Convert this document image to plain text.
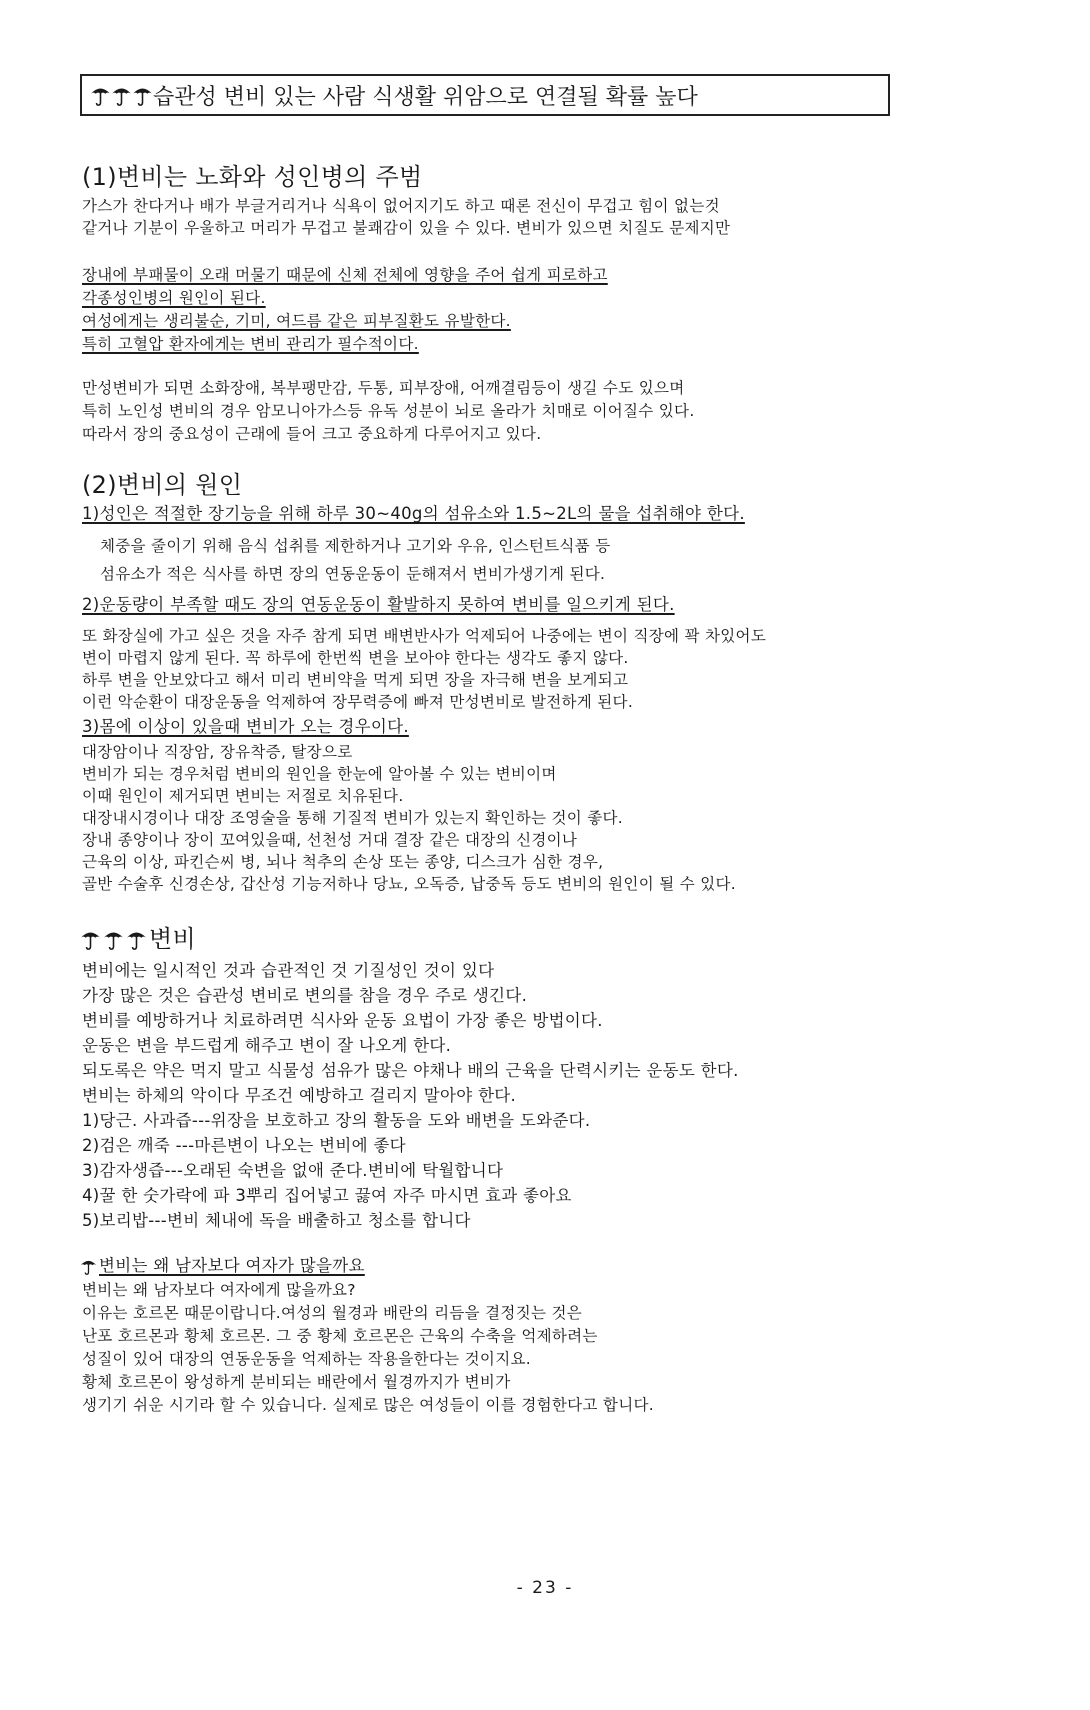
습관성 변비 있는 사람 식생활 위암으로 연결될 확률 높다
(1)변비는 노화와 성인병의 주범
가스가 찬다거나 배가 부글거리거나 식욕이 없어지기도 하고 때론 전신이 무겁고 힘이 없는것
같거나 기분이 우울하고 머리가 무겁고 불쾌감이 있을 수 있다. 변비가 있으면 치질도 문제지만
장내에 부패물이 오래 머물기 때문에 신체 전체에 영향을 주어 쉽게 피로하고
각종성인병의 원인이 된다.
여성에게는 생리불순, 기미, 여드름 같은 피부질환도 유발한다.
특히 고혈압 환자에게는 변비 관리가 필수적이다.
만성변비가 되면 소화장애, 복부팽만감, 두통, 피부장애, 어깨결림등이 생길 수도 있으며
특히 노인성 변비의 경우 암모니아가스등 유독 성분이 뇌로 올라가 치매로 이어질수 있다.
따라서 장의 중요성이 근래에 들어 크고 중요하게 다루어지고 있다.
(2)변비의 원인
1)성인은 적절한 장기능을 위해 하루 30~40g의 섬유소와 1.5~2L의 물을 섭취해야 한다.
체중을 줄이기 위해 음식 섭취를 제한하거나 고기와 우유, 인스턴트식품 등
섬유소가 적은 식사를 하면 장의 연동운동이 둔해져서 변비가생기게 된다.
2)운동량이 부족할 때도 장의 연동운동이 활발하지 못하여 변비를 일으키게 된다.
또 화장실에 가고 싶은 것을 자주 참게 되면 배변반사가 억제되어 나중에는 변이 직장에 꽉 차있어도
변이 마렵지 않게 된다. 꼭 하루에 한번씩 변을 보아야 한다는 생각도 좋지 않다.
하루 변을 안보았다고 해서 미리 변비약을 먹게 되면 장을 자극해 변을 보게되고
이런 악순환이 대장운동을 억제하여 장무력증에 빠져 만성변비로 발전하게 된다.
3)몸에 이상이 있을때 변비가 오는 경우이다.
대장암이나 직장암, 장유착증, 탈장으로
변비가 되는 경우처럼 변비의 원인을 한눈에 알아볼 수 있는 변비이며
이때 원인이 제거되면 변비는 저절로 치유된다.
대장내시경이나 대장 조영술을 통해 기질적 변비가 있는지 확인하는 것이 좋다.
장내 종양이나 장이 꼬여있을때, 선천성 거대 결장 같은 대장의 신경이나
근육의 이상, 파킨슨씨 병, 뇌나 척추의 손상 또는 종양, 디스크가 심한 경우,
골반 수술후 신경손상, 갑산성 기능저하나 당뇨, 오독증, 납중독 등도 변비의 원인이 될 수 있다.
변비
변비에는 일시적인 것과 습관적인 것 기질성인 것이 있다
가장 많은 것은 습관성 변비로 변의를 참을 경우 주로 생긴다.
변비를 예방하거나 치료하려면 식사와 운동 요법이 가장 좋은 방법이다.
운동은 변을 부드럽게 해주고 변이 잘 나오게 한다.
되도록은 약은 먹지 말고 식물성 섬유가 많은 야채나 배의 근육을 단력시키는 운동도 한다.
변비는 하체의 악이다 무조건 예방하고 걸리지 말아야 한다.
1)당근. 사과즙---위장을 보호하고 장의 활동을 도와 배변을 도와준다.
2)검은 깨죽 ---마른변이 나오는 변비에 좋다
3)감자생즙---오래된 숙변을 없애 준다.변비에 탁월합니다
4)꿀 한 숫가락에 파 3뿌리 집어넣고 끓여 자주 마시면 효과 좋아요
5)보리밥---변비 체내에 독을 배출하고 청소를 합니다
변비는 왜 남자보다 여자가 많을까요
변비는 왜 남자보다 여자에게 많을까요?
이유는 호르몬 때문이랍니다.여성의 월경과 배란의 리듬을 결정짓는 것은
난포 호르몬과 황체 호르몬. 그 중 황체 호르몬은 근육의 수축을 억제하려는
성질이 있어 대장의 연동운동을 억제하는 작용을한다는 것이지요.
황체 호르몬이 왕성하게 분비되는 배란에서 월경까지가 변비가
생기기 쉬운 시기라 할 수 있습니다. 실제로 많은 여성들이 이를 경험한다고 합니다.
- 23 -
